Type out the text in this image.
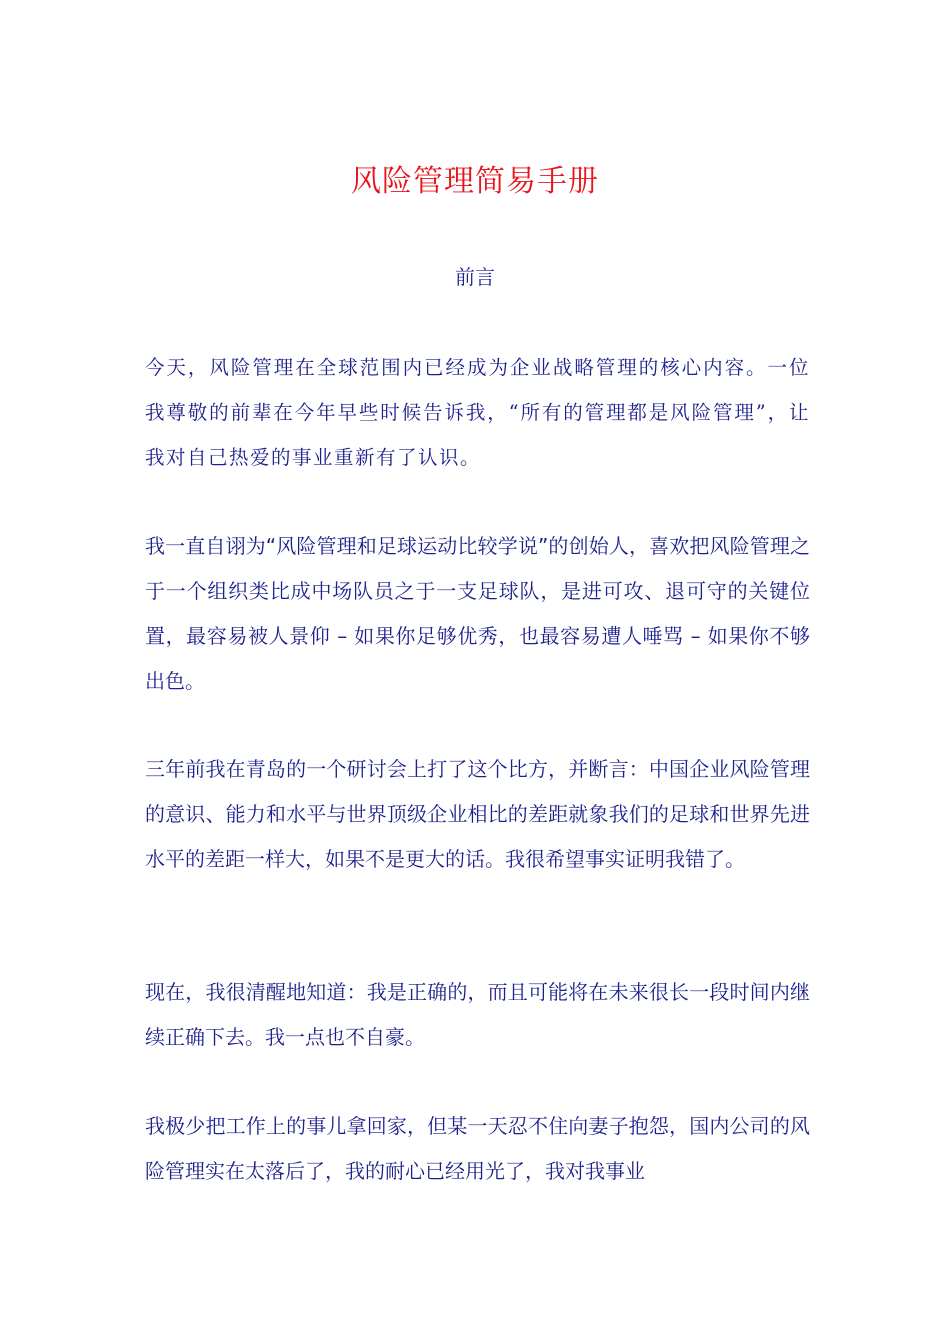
风险管理简易手册
前言

今天，风险管理在全球范围内已经成为企业战略管理的核心内容。一位我尊敬的前辈在今年早些时候告诉我，“所有的管理都是风险管理”，让我对自己热爱的事业重新有了认识。

我一直自诩为“风险管理和足球运动比较学说”的创始人，喜欢把风险管理之于一个组织类比成中场队员之于一支足球队，是进可攻、退可守的关键位置，最容易被人景仰 – 如果你足够优秀，也最容易遭人唾骂 – 如果你不够出色。

三年前我在青岛的一个研讨会上打了这个比方，并断言：中国企业风险管理的意识、能力和水平与世界顶级企业相比的差距就象我们的足球和世界先进水平的差距一样大，如果不是更大的话。我很希望事实证明我错了。

现在，我很清醒地知道：我是正确的，而且可能将在未来很长一段时间内继续正确下去。我一点也不自豪。

我极少把工作上的事儿拿回家，但某一天忍不住向妻子抱怨，国内公司的风险管理实在太落后了，我的耐心已经用光了，我对我事业
